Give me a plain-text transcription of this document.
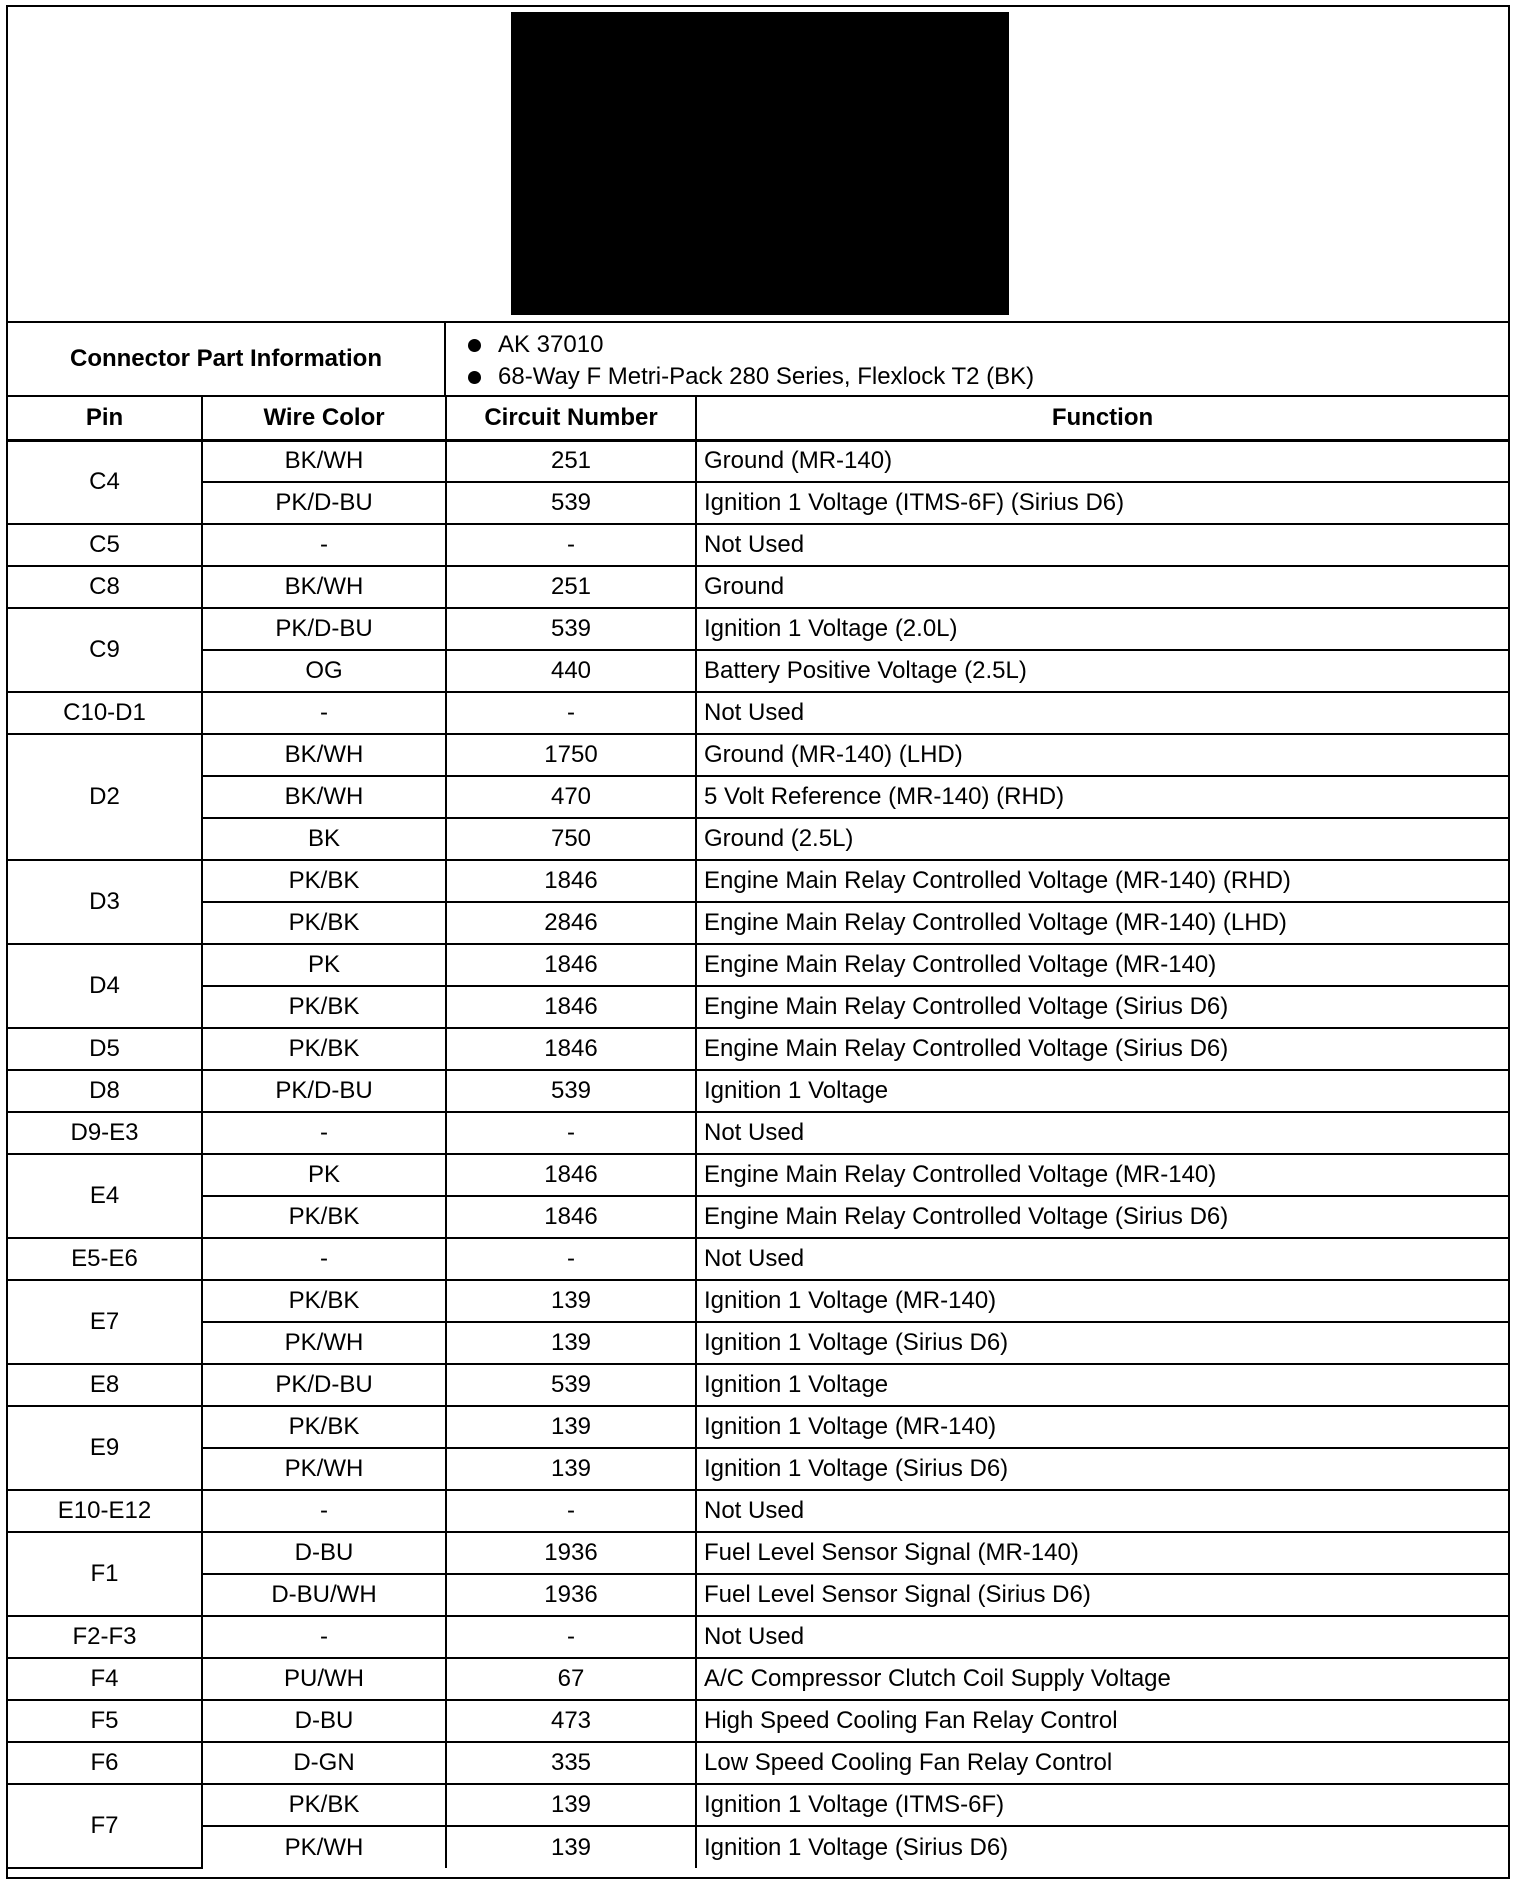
Connector Part Information
AK 37010
68-Way F Metri-Pack 280 Series, Flexlock T2 (BK)
Pin	Wire Color	Circuit Number	Function
C4	BK/WH	251	Ground (MR-140)
	PK/D-BU	539	Ignition 1 Voltage (ITMS-6F) (Sirius D6)
C5	-	-	Not Used
C8	BK/WH	251	Ground
C9	PK/D-BU	539	Ignition 1 Voltage (2.0L)
	OG	440	Battery Positive Voltage (2.5L)
C10-D1	-	-	Not Used
D2	BK/WH	1750	Ground (MR-140) (LHD)
	BK/WH	470	5 Volt Reference (MR-140) (RHD)
	BK	750	Ground (2.5L)
D3	PK/BK	1846	Engine Main Relay Controlled Voltage (MR-140) (RHD)
	PK/BK	2846	Engine Main Relay Controlled Voltage (MR-140) (LHD)
D4	PK	1846	Engine Main Relay Controlled Voltage (MR-140)
	PK/BK	1846	Engine Main Relay Controlled Voltage (Sirius D6)
D5	PK/BK	1846	Engine Main Relay Controlled Voltage (Sirius D6)
D8	PK/D-BU	539	Ignition 1 Voltage
D9-E3	-	-	Not Used
E4	PK	1846	Engine Main Relay Controlled Voltage (MR-140)
	PK/BK	1846	Engine Main Relay Controlled Voltage (Sirius D6)
E5-E6	-	-	Not Used
E7	PK/BK	139	Ignition 1 Voltage (MR-140)
	PK/WH	139	Ignition 1 Voltage (Sirius D6)
E8	PK/D-BU	539	Ignition 1 Voltage
E9	PK/BK	139	Ignition 1 Voltage (MR-140)
	PK/WH	139	Ignition 1 Voltage (Sirius D6)
E10-E12	-	-	Not Used
F1	D-BU	1936	Fuel Level Sensor Signal (MR-140)
	D-BU/WH	1936	Fuel Level Sensor Signal (Sirius D6)
F2-F3	-	-	Not Used
F4	PU/WH	67	A/C Compressor Clutch Coil Supply Voltage
F5	D-BU	473	High Speed Cooling Fan Relay Control
F6	D-GN	335	Low Speed Cooling Fan Relay Control
F7	PK/BK	139	Ignition 1 Voltage (ITMS-6F)
	PK/WH	139	Ignition 1 Voltage (Sirius D6)
